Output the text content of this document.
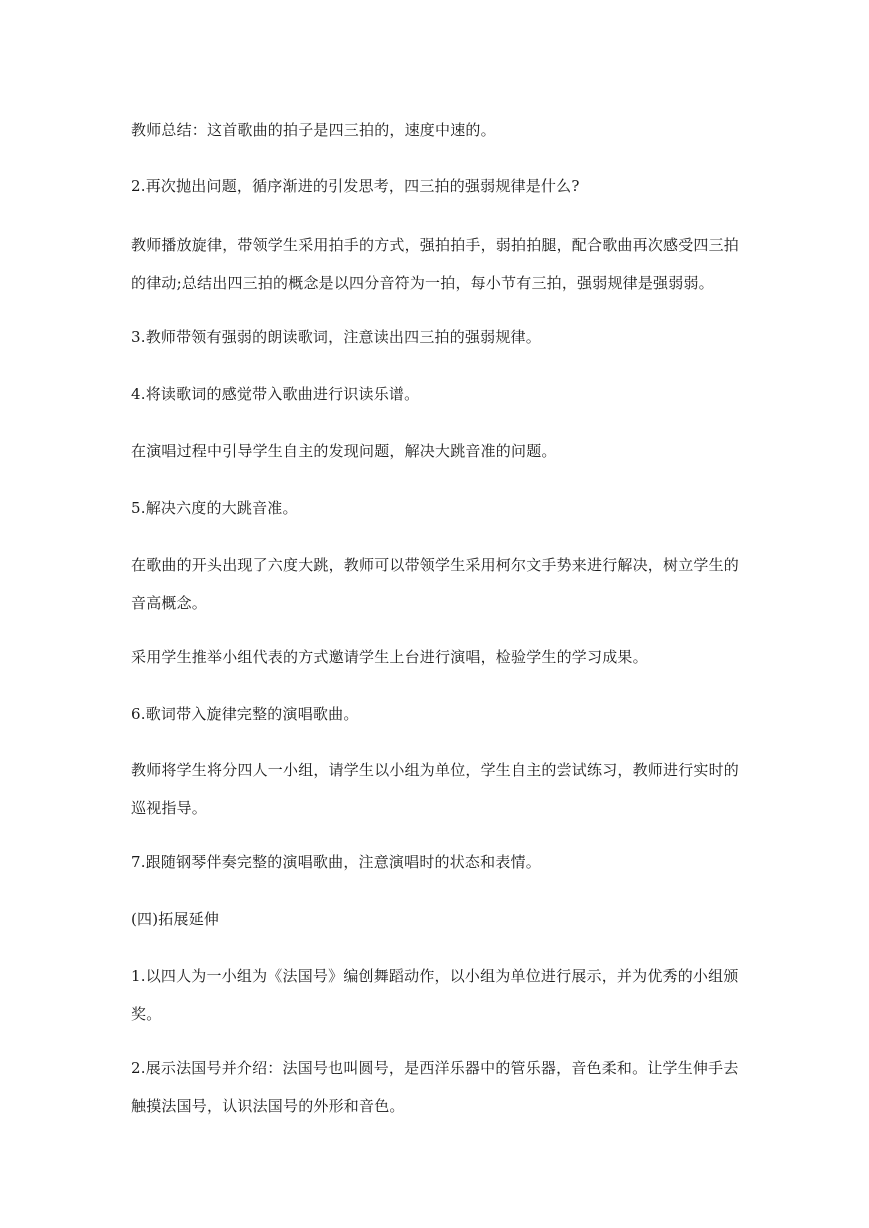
教师总结：这首歌曲的拍子是四三拍的，速度中速的。

2.再次抛出问题，循序渐进的引发思考，四三拍的强弱规律是什么?

教师播放旋律，带领学生采用拍手的方式，强拍拍手，弱拍拍腿，配合歌曲再次感受四三拍的律动;总结出四三拍的概念是以四分音符为一拍，每小节有三拍，强弱规律是强弱弱。

3.教师带领有强弱的朗读歌词，注意读出四三拍的强弱规律。

4.将读歌词的感觉带入歌曲进行识读乐谱。

在演唱过程中引导学生自主的发现问题，解决大跳音准的问题。

5.解决六度的大跳音准。

在歌曲的开头出现了六度大跳，教师可以带领学生采用柯尔文手势来进行解决，树立学生的音高概念。

采用学生推举小组代表的方式邀请学生上台进行演唱，检验学生的学习成果。

6.歌词带入旋律完整的演唱歌曲。

教师将学生将分四人一小组，请学生以小组为单位，学生自主的尝试练习，教师进行实时的巡视指导。

7.跟随钢琴伴奏完整的演唱歌曲，注意演唱时的状态和表情。

(四)拓展延伸

1.以四人为一小组为《法国号》编创舞蹈动作，以小组为单位进行展示，并为优秀的小组颁奖。

2.展示法国号并介绍：法国号也叫圆号，是西洋乐器中的管乐器，音色柔和。让学生伸手去触摸法国号，认识法国号的外形和音色。
